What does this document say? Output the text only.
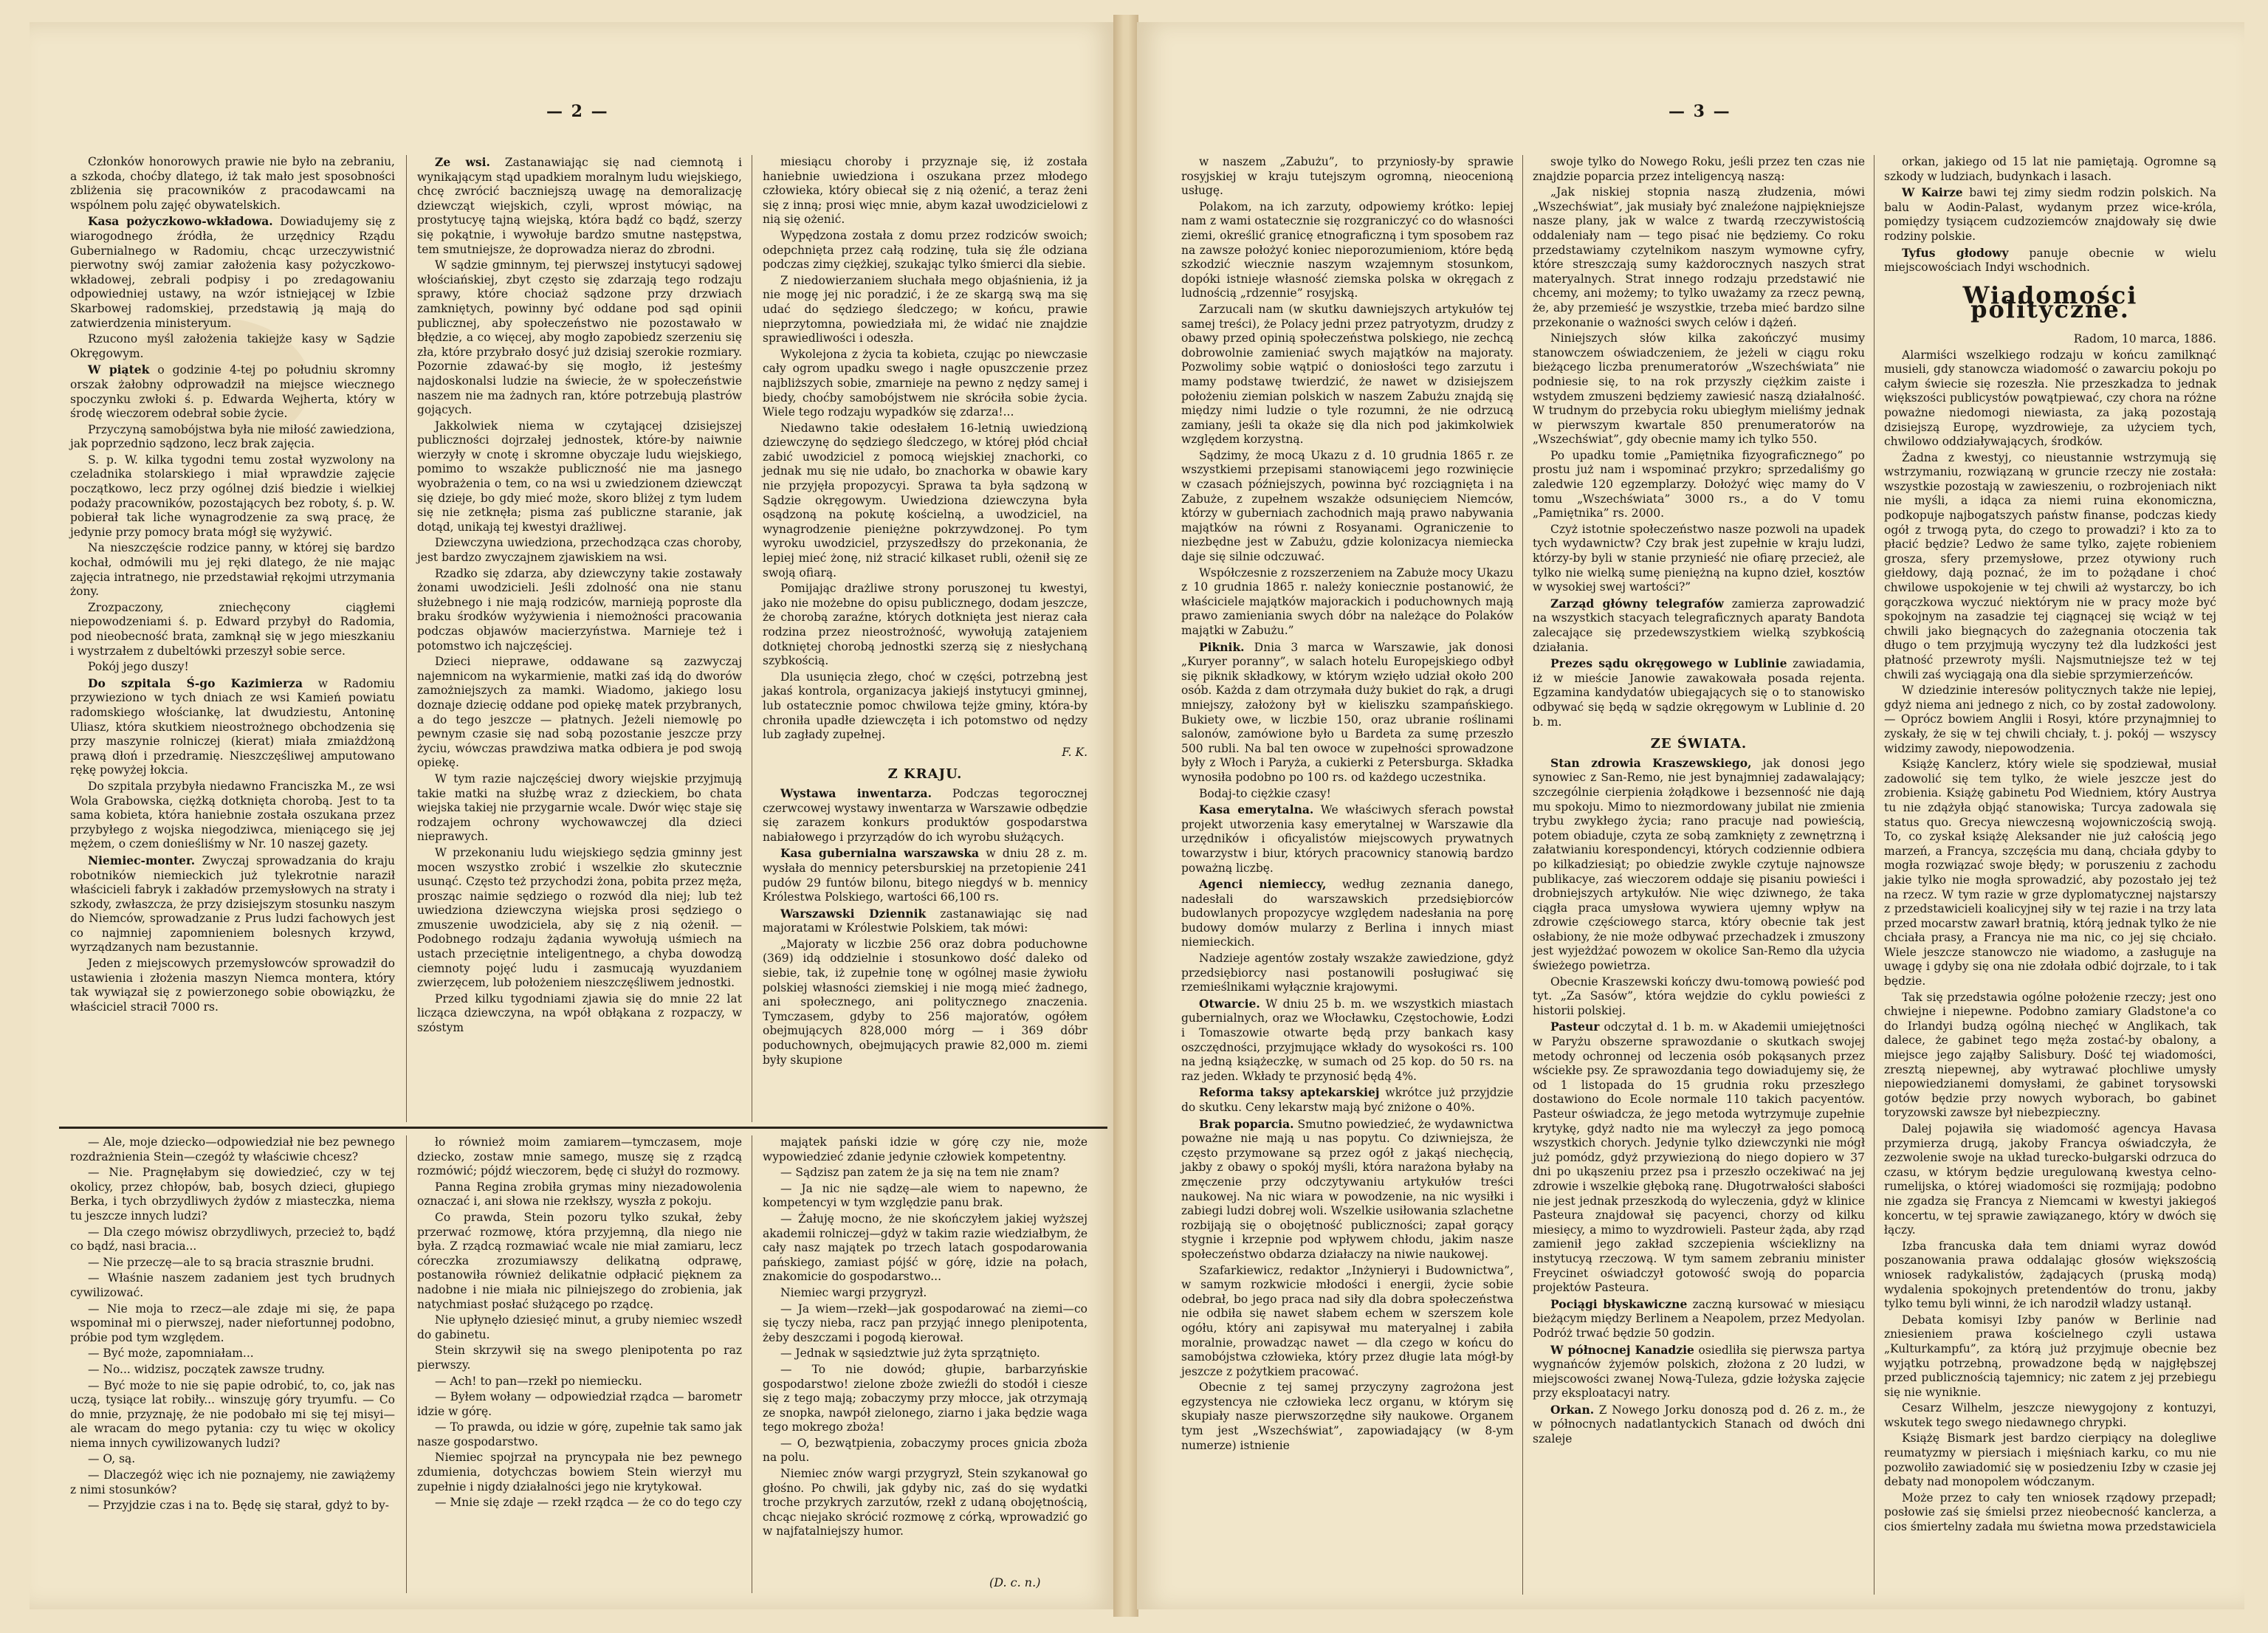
— 2 —

Członków honorowych prawie nie było na zebraniu, a szkoda, choćby dlatego, iż tak mało jest sposobności zbliżenia się pracowników z pracodawcami na wspólnem polu zajęć obywatelskich.

Kasa pożyczkowo-wkładowa. Dowiadujemy się z wiarogodnego źródła, że urzędnicy Rządu Gubernialnego w Radomiu, chcąc urzeczywistnić pierwotny swój zamiar założenia kasy pożyczkowo-wkładowej, zebrali podpisy i po zredagowaniu odpowiedniej ustawy, na wzór istniejącej w Izbie Skarbowej radomskiej, przedstawią ją mają do zatwierdzenia ministeryum.

Rzucono myśl założenia takiejże kasy w Sądzie Okręgowym.

W piątek o godzinie 4-tej po południu skromny orszak żałobny odprowadził na miejsce wiecznego spoczynku zwłoki ś. p. Edwarda Wejherta, który w środę wieczorem odebrał sobie życie.

Przyczyną samobójstwa była nie miłość zawiedziona, jak poprzednio sądzono, lecz brak zajęcia.

S. p. W. kilka tygodni temu został wyzwolony na czeladnika stolarskiego i miał wprawdzie zajęcie początkowo, lecz przy ogólnej dziś biedzie i wielkiej podaży pracowników, pozostających bez roboty, ś. p. W. pobierał tak liche wynagrodzenie za swą pracę, że jedynie przy pomocy brata mógł się wyżywić.

Na nieszczęście rodzice panny, w której się bardzo kochał, odmówili mu jej ręki dlatego, że nie mając zajęcia intratnego, nie przedstawiał rękojmi utrzymania żony.

Zrozpaczony, zniechęcony ciągłemi niepowodzeniami ś. p. Edward przybył do Radomia, pod nieobecność brata, zamknął się w jego mieszkaniu i wystrzałem z dubeltówki przeszył sobie serce.

Pokój jego duszy!

Do szpitala Ś-go Kazimierza w Radomiu przywieziono w tych dniach ze wsi Kamień powiatu radomskiego włościankę, lat dwudziestu, Antoninę Uliasz, która skutkiem nieostrożnego obchodzenia się przy maszynie rolniczej (kierat) miała zmiażdżoną prawą dłoń i przedramię. Nieszczęśliwej amputowano rękę powyżej łokcia.

Do szpitala przybyła niedawno Franciszka M., ze wsi Wola Grabowska, ciężką dotknięta chorobą. Jest to ta sama kobieta, która haniebnie została oszukana przez przybyłego z wojska niegodziwca, mieniącego się jej mężem, o czem donieśliśmy w Nr. 10 naszej gazety.

Niemiec-monter. Zwyczaj sprowadzania do kraju robotników niemieckich już tylekrotnie naraził właścicieli fabryk i zakładów przemysłowych na straty i szkody, zwłaszcza, że przy dzisiejszym stosunku naszym do Niemców, sprowadzanie z Prus ludzi fachowych jest co najmniej zapomnieniem bolesnych krzywd, wyrządzanych nam bezustannie.

Jeden z miejscowych przemysłowców sprowadził do ustawienia i złożenia maszyn Niemca montera, który tak wywiązał się z powierzonego sobie obowiązku, że właściciel stracił 7000 rs.

Ze wsi. Zastanawiając się nad ciemnotą i wynikającym stąd upadkiem moralnym ludu wiejskiego, chcę zwrócić baczniejszą uwagę na demoralizację dziewcząt wiejskich, czyli, wprost mówiąc, na prostytucyę tajną wiejską, która bądź co bądź, szerzy się pokątnie, i wywołuje bardzo smutne następstwa, tem smutniejsze, że doprowadza nieraz do zbrodni.

W sądzie gminnym, tej pierwszej instytucyi sądowej włościańskiej, zbyt często się zdarzają tego rodzaju sprawy, które chociaż sądzone przy drzwiach zamkniętych, powinny być oddane pod sąd opinii publicznej, aby społeczeństwo nie pozostawało w błędzie, a co więcej, aby mogło zapobiedz szerzeniu się zła, które przybrało dosyć już dzisiaj szerokie rozmiary. Pozornie zdawać-by się mogło, iż jesteśmy najdoskonalsi ludzie na świecie, że w społeczeństwie naszem nie ma żadnych ran, które potrzebują plastrów gojących.

Jakkolwiek niema w czytającej dzisiejszej publiczności dojrzałej jednostek, które-by naiwnie wierzyły w cnotę i skromne obyczaje ludu wiejskiego, pomimo to wszakże publiczność nie ma jasnego wyobrażenia o tem, co na wsi u zwiedzionem dziewcząt się dzieje, bo gdy mieć może, skoro bliżej z tym ludem się nie zetknęła; pisma zaś publiczne staranie, jak dotąd, unikają tej kwestyi drażliwej.

Dziewczyna uwiedziona, przechodząca czas choroby, jest bardzo zwyczajnem zjawiskiem na wsi.

Rzadko się zdarza, aby dziewczyny takie zostawały żonami uwodzicieli. Jeśli zdolność ona nie stanu służebnego i nie mają rodziców, marnieją poproste dla braku środków wyżywienia i niemożności pracowania podczas objawów macierzyństwa. Marnieje też i potomstwo ich najczęściej.

Dzieci nieprawe, oddawane są zazwyczaj najemnicom na wykarmienie, matki zaś idą do dworów zamożniejszych za mamki. Wiadomo, jakiego losu doznaje dziecię oddane pod opiekę matek przybranych, a do tego jeszcze — płatnych. Jeżeli niemowlę po pewnym czasie się nad sobą pozostanie jeszcze przy życiu, wówczas prawdziwa matka odbiera je pod swoją opiekę.

W tym razie najczęściej dwory wiejskie przyjmują takie matki na służbę wraz z dzieckiem, bo chata wiejska takiej nie przygarnie wcale. Dwór więc staje się rodzajem ochrony wychowawczej dla dzieci nieprawych.

W przekonaniu ludu wiejskiego sędzia gminny jest mocen wszystko zrobić i wszelkie zło skutecznie usunąć. Często też przychodzi żona, pobita przez męża, prosząc naimie sędziego o rozwód dla niej; lub też uwiedziona dziewczyna wiejska prosi sędziego o zmuszenie uwodziciela, aby się z nią ożenił. — Podobnego rodzaju żądania wywołują uśmiech na ustach przeciętnie inteligentnego, a chyba dowodzą ciemnoty pojęć ludu i zasmucają wyuzdaniem zwierzęcem, lub położeniem nieszczęśliwem jednostki.

Przed kilku tygodniami zjawia się do mnie 22 lat licząca dziewczyna, na wpół obłąkana z rozpaczy, w szóstym

miesiącu choroby i przyznaje się, iż została haniebnie uwiedziona i oszukana przez młodego człowieka, który obiecał się z nią ożenić, a teraz żeni się z inną; prosi więc mnie, abym kazał uwodzicielowi z nią się ożenić.

Wypędzona została z domu przez rodziców swoich; odepchnięta przez całą rodzinę, tuła się źle odziana podczas zimy ciężkiej, szukając tylko śmierci dla siebie.

Z niedowierzaniem słuchała mego objaśnienia, iż ja nie mogę jej nic poradzić, i że ze skargą swą ma się udać do sędziego śledczego; w końcu, prawie nieprzytomna, powiedziała mi, że widać nie znajdzie sprawiedliwości i odeszła.

Wykolejona z życia ta kobieta, czując po niewczasie cały ogrom upadku swego i nagłe opuszczenie przez najbliższych sobie, zmarnieje na pewno z nędzy samej i biedy, choćby samobójstwem nie skróciła sobie życia. Wiele tego rodzaju wypadków się zdarza!...

Niedawno takie odesłałem 16-letnią uwiedzioną dziewczynę do sędziego śledczego, w której płód chciał zabić uwodziciel z pomocą wiejskiej znachorki, co jednak mu się nie udało, bo znachorka w obawie kary nie przyjęła propozycyi. Sprawa ta była sądzoną w Sądzie okręgowym. Uwiedziona dziewczyna była osądzoną na pokutę kościelną, a uwodziciel, na wynagrodzenie pieniężne pokrzywdzonej. Po tym wyroku uwodziciel, przyszedłszy do przekonania, że lepiej mieć żonę, niż stracić kilkaset rubli, ożenił się ze swoją ofiarą.

Pomijając drażliwe strony poruszonej tu kwestyi, jako nie możebne do opisu publicznego, dodam jeszcze, że chorobą zaraźne, których dotknięta jest nieraz cała rodzina przez nieostrożność, wywołują zatajeniem dotkniętej chorobą jednostki szerzą się z niesłychaną szybkością.

Dla usunięcia złego, choć w części, potrzebną jest jakaś kontrola, organizacya jakiejś instytucyi gminnej, lub ostatecznie pomoc chwilowa tejże gminy, która-by chroniła upadłe dziewczęta i ich potomstwo od nędzy lub zagłady zupełnej.

F. K.
Z KRAJU.

Wystawa inwentarza. Podczas tegorocznej czerwcowej wystawy inwentarza w Warszawie odbędzie się zarazem konkurs produktów gospodarstwa nabiałowego i przyrządów do ich wyrobu służących.

Kasa gubernialna warszawska w dniu 28 z. m. wysłała do mennicy petersburskiej na przetopienie 241 pudów 29 funtów bilonu, bitego niegdyś w b. mennicy Królestwa Polskiego, wartości 66,100 rs.

Warszawski Dziennik zastanawiając się nad majoratami w Królestwie Polskiem, tak mówi:

„Majoraty w liczbie 256 oraz dobra poduchowne (369) idą oddzielnie i stosunkowo dość daleko od siebie, tak, iż zupełnie tonę w ogólnej masie żywiołu polskiej własności ziemskiej i nie mogą mieć żadnego, ani społecznego, ani politycznego znaczenia. Tymczasem, gdyby to 256 majoratów, ogółem obejmujących 828,000 mórg — i 369 dóbr poduchownych, obejmujących prawie 82,000 m. ziemi były skupione

— Ale, moje dziecko—odpowiedział nie bez pewnego rozdrażnienia Stein—czegóż ty właściwie chcesz?

— Nie. Pragnęłabym się dowiedzieć, czy w tej okolicy, przez chłopów, bab, bosych dzieci, głupiego Berka, i tych obrzydliwych żydów z miasteczka, niema tu jeszcze innych ludzi?

— Dla czego mówisz obrzydliwych, przecież to, bądź co bądź, nasi bracia...

— Nie przeczę—ale to są bracia strasznie brudni.

— Właśnie naszem zadaniem jest tych brudnych cywilizować.

— Nie moja to rzecz—ale zdaje mi się, że papa wspominał mi o pierwszej, nader niefortunnej podobno, próbie pod tym względem.

— Być może, zapomniałam...

— No... widzisz, początek zawsze trudny.

— Być może to nie się papie odrobić, to, co, jak nas uczą, tysiące lat robiły... winszuję góry tryumfu. — Co do mnie, przyznaję, że nie podobało mi się tej misyi—ale wracam do mego pytania: czy tu więc w okolicy niema innych cywilizowanych ludzi?

— O, są.

— Dlaczegóż więc ich nie poznajemy, nie zawiążemy z nimi stosunków?

— Przyjdzie czas i na to. Będę się starał, gdyż to by-

ło również moim zamiarem—tymczasem, moje dziecko, zostaw mnie samego, muszę się z rządcą rozmówić; pójdź wieczorem, będę ci służył do rozmowy.

Panna Regina zrobiła grymas miny niezadowolenia oznaczać i, ani słowa nie rzekłszy, wyszła z pokoju.

Co prawda, Stein pozoru tylko szukał, żeby przerwać rozmowę, która przyjemną, dla niego nie była. Z rządcą rozmawiać wcale nie miał zamiaru, lecz córeczka zrozumiawszy delikatną odprawę, postanowiła również delikatnie odpłacić pięknem za nadobne i nie miała nic pilniejszego do zrobienia, jak natychmiast posłać służącego po rządcę.

Nie upłynęło dziesięć minut, a gruby niemiec wszedł do gabinetu.

Stein skrzywił się na swego plenipotenta po raz pierwszy.

— Ach! to pan—rzekł po niemiecku.

— Byłem wołany — odpowiedział rządca — barometr idzie w górę.

— To prawda, ou idzie w górę, zupełnie tak samo jak nasze gospodarstwo.

Niemiec spojrzał na pryncypała nie bez pewnego zdumienia, dotychczas bowiem Stein wierzył mu zupełnie i nigdy działalności jego nie krytykował.

— Mnie się zdaje — rzekł rządca — że co do tego czy

majątek pański idzie w górę czy nie, może wypowiedzieć zdanie jedynie człowiek kompetentny.

— Sądzisz pan zatem że ja się na tem nie znam?

— Ja nic nie sądzę—ale wiem to napewno, że kompetencyi w tym względzie panu brak.

— Żałuję mocno, że nie skończyłem jakiej wyższej akademii rolniczej—gdyż w takim razie wiedziałbym, że cały nasz majątek po trzech latach gospodarowania pańskiego, zamiast pójść w górę, idzie na połach, znakomicie do gospodarstwo...

Niemiec wargi przygryzł.

— Ja wiem—rzekł—jak gospodarować na ziemi—co się tyczy nieba, racz pan przyjąć innego plenipotenta, żeby deszczami i pogodą kierował.

— Jednak w sąsiedztwie już żyta sprzątnięto.

— To nie dowód; głupie, barbarzyńskie gospodarstwo! zielone zboże zwieźli do stodół i ciesze się z tego mają; zobaczymy przy młocce, jak otrzymają ze snopka, nawpół zielonego, ziarno i jaka będzie waga tego mokrego zboża!

— O, bezwątpienia, zobaczymy proces gnicia zboża na polu.

Niemiec znów wargi przygryzł, Stein szykanował go głośno. Po chwili, jak gdyby nic, zaś do się wydatki troche przykrych zarzutów, rzekł z udaną obojętnością, chcąc niejako skrócić rozmowę z córką, wprowadzić go w najfatalniejszy humor.

(D. c. n.)
— 3 —

w naszem „Zabużu”, to przyniosły-by sprawie rosyjskiej w kraju tutejszym ogromną, nieocenioną usługę.

Polakom, na ich zarzuty, odpowiemy krótko: lepiej nam z wami ostatecznie się rozgraniczyć co do własności ziemi, określić granicę etnograficzną i tym sposobem raz na zawsze położyć koniec nieporozumieniom, które będą szkodzić wiecznie naszym wzajemnym stosunkom, dopóki istnieje własność ziemska polska w okręgach z ludnością „rdzennie” rosyjską.

Zarzucali nam (w skutku dawniejszych artykułów tej samej treści), że Polacy jedni przez patryotyzm, drudzy z obawy przed opinią społeczeństwa polskiego, nie zechcą dobrowolnie zamieniać swych majątków na majoraty. Pozwolimy sobie wątpić o doniosłości tego zarzutu i mamy podstawę twierdzić, że nawet w dzisiejszem położeniu ziemian polskich w naszem Zabużu znajdą się między nimi ludzie o tyle rozumni, że nie odrzucą zamiany, jeśli ta okaże się dla nich pod jakimkolwiek względem korzystną.

Sądzimy, że mocą Ukazu z d. 10 grudnia 1865 r. ze wszystkiemi przepisami stanowiącemi jego rozwinięcie w czasach późniejszych, powinna być rozciągnięta i na Zabuże, z zupełnem wszakże odsunięciem Niemców, którzy w guberniach zachodnich mają prawo nabywania majątków na równi z Rosyanami. Ograniczenie to niezbędne jest w Zabużu, gdzie kolonizacya niemiecka daje się silnie odczuwać.

Współczesnie z rozszerzeniem na Zabuże mocy Ukazu z 10 grudnia 1865 r. należy koniecznie postanowić, że właściciele majątków majorackich i poduchownych mają prawo zamieniania swych dóbr na należące do Polaków majątki w Zabużu.”

Piknik. Dnia 3 marca w Warszawie, jak donosi „Kuryer poranny”, w salach hotelu Europejskiego odbył się piknik składkowy, w którym wzięło udział około 200 osób. Każda z dam otrzymała duży bukiet do rąk, a drugi mniejszy, założony był w kieliszku szampańskiego. Bukiety owe, w liczbie 150, oraz ubranie roślinami salonów, zamówione było u Bardeta za sumę przeszło 500 rubli. Na bal ten owoce w zupełności sprowadzone były z Włoch i Paryża, a cukierki z Petersburga. Składka wynosiła podobno po 100 rs. od każdego uczestnika.

Bodaj-to ciężkie czasy!

Kasa emerytalna. We właściwych sferach powstał projekt utworzenia kasy emerytalnej w Warszawie dla urzędników i oficyalistów miejscowych prywatnych towarzystw i biur, których pracownicy stanowią bardzo poważną liczbę.

Agenci niemieccy, według zeznania danego, nadesłali do warszawskich przedsiębiorców budowlanych propozycye względem nadesłania na porę budowy domów mularzy z Berlina i innych miast niemieckich.

Nadzieje agentów zostały wszakże zawiedzione, gdyż przedsiębiorcy nasi postanowili posługiwać się rzemieślnikami wyłącznie krajowymi.

Otwarcie. W dniu 25 b. m. we wszystkich miastach gubernialnych, oraz we Włocławku, Częstochowie, Łodzi i Tomaszowie otwarte będą przy bankach kasy oszczędności, przyjmujące wkłady do wysokości rs. 100 na jedną książeczkę, w sumach od 25 kop. do 50 rs. na raz jeden. Wkłady te przynosić będą 4%.

Reforma taksy aptekarskiej wkrótce już przyjdzie do skutku. Ceny lekarstw mają być zniżone o 40%.

Brak poparcia. Smutno powiedzieć, że wydawnictwa poważne nie mają u nas popytu. Co dziwniejsza, że często przymowane są przez ogół z jakąś niechęcią, jakby z obawy o spokój myśli, która narażona byłaby na zmęczenie przy odczytywaniu artykułów treści naukowej. Na nic wiara w powodzenie, na nic wysiłki i zabiegi ludzi dobrej woli. Wszelkie usiłowania szlachetne rozbijają się o obojętność publiczności; zapał gorący stygnie i krzepnie pod wpływem chłodu, jakim nasze społeczeństwo obdarza działaczy na niwie naukowej.

Szafarkiewicz, redaktor „Inżynieryi i Budownictwa”, w samym rozkwicie młodości i energii, życie sobie odebrał, bo jego praca nad siły dla dobra społeczeństwa nie odbiła się nawet słabem echem w szerszem kole ogółu, który ani zapisywał mu materyalnej i zabiła moralnie, prowadząc nawet — dla czego w końcu do samobójstwa człowieka, który przez długie lata mógł-by jeszcze z pożytkiem pracować.

Obecnie z tej samej przyczyny zagrożona jest egzystencya nie człowieka lecz organu, w którym się skupiały nasze pierwszorzędne siły naukowe. Organem tym jest „Wszechświat”, zapowiadający (w 8-ym numerze) istnienie

swoje tylko do Nowego Roku, jeśli przez ten czas nie znajdzie poparcia przez inteligencyą naszą:

„Jak niskiej stopnia naszą złudzenia, mówi „Wszechświat”, jak musiały być znaleźone najpiękniejsze nasze plany, jak w walce z twardą rzeczywistością oddaleniały nam — tego pisać nie będziemy. Co roku przedstawiamy czytelnikom naszym wymowne cyfry, które streszczają sumy każdorocznych naszych strat materyalnych. Strat innego rodzaju przedstawić nie chcemy, ani możemy; to tylko uważamy za rzecz pewną, że, aby przemieść je wszystkie, trzeba mieć bardzo silne przekonanie o ważności swych celów i dążeń.

Niniejszych słów kilka zakończyć musimy stanowczem oświadczeniem, że jeżeli w ciągu roku bieżącego liczba prenumeratorów „Wszechświata” nie podniesie się, to na rok przyszły ciężkim zaiste i wstydem zmuszeni będziemy zawiesić naszą działalność. W trudnym do przebycia roku ubiegłym mieliśmy jednak w pierwszym kwartale 850 prenumeratorów na „Wszechświat”, gdy obecnie mamy ich tylko 550.

Po upadku tomie „Pamiętnika fizyograficznego” po prostu już nam i wspominać przykro; sprzedaliśmy go zaledwie 120 egzemplarzy. Dołożyć więc mamy do V tomu „Wszechświata” 3000 rs., a do V tomu „Pamiętnika” rs. 2000.

Czyż istotnie społeczeństwo nasze pozwoli na upadek tych wydawnictw? Czy brak jest zupełnie w kraju ludzi, którzy-by byli w stanie przynieść nie ofiarę przecież, ale tylko nie wielką sumę pieniężną na kupno dzieł, kosztów w wysokiej swej wartości?”

Zarząd główny telegrafów zamierza zaprowadzić na wszystkich stacyach telegraficznych aparaty Bandota zalecające się przedewszystkiem wielką szybkością działania.

Prezes sądu okręgowego w Lublinie zawiadamia, iż w mieście Janowie zawakowała posada rejenta. Egzamina kandydatów ubiegających się o to stanowisko odbywać się będą w sądzie okręgowym w Lublinie d. 20 b. m.

ZE ŚWIATA.

Stan zdrowia Kraszewskiego, jak donosi jego synowiec z San-Remo, nie jest bynajmniej zadawalający; szczególnie cierpienia żołądkowe i bezsenność nie dają mu spokoju. Mimo to niezmordowany jubilat nie zmienia trybu zwykłego życia; rano pracuje nad powieścią, potem obiaduje, czyta ze sobą zamknięty z zewnętrzną i załatwianiu korespondencyi, których codziennie odbiera po kilkadziesiąt; po obiedzie zwykle czytuje najnowsze publikacye, zaś wieczorem oddaje się pisaniu powieści i drobniejszych artykułów. Nie więc dziwnego, że taka ciągła praca umysłowa wywiera ujemny wpływ na zdrowie częściowego starca, który obecnie tak jest osłabiony, że nie może odbywać przechadzek i zmuszony jest wyjeżdżać powozem w okolice San-Remo dla użycia świeżego powietrza.

Obecnie Kraszewski kończy dwu-tomową powieść pod tyt. „Za Sasów”, która wejdzie do cyklu powieści z historii polskiej.

Pasteur odczytał d. 1 b. m. w Akademii umiejętności w Paryżu obszerne sprawozdanie o skutkach swojej metody ochronnej od leczenia osób pokąsanych przez wściekłe psy. Ze sprawozdania tego dowiadujemy się, że od 1 listopada do 15 grudnia roku przeszłego dostawiono do Ecole normale 110 takich pacyentów. Pasteur oświadcza, że jego metoda wytrzymuje zupełnie krytykę, gdyż nadto nie ma wyleczył za jego pomocą wszystkich chorych. Jedynie tylko dziewczynki nie mógł już pomódz, gdyż przywiezioną do niego dopiero w 37 dni po ukąszeniu przez psa i przeszło oczekiwać na jej zdrowie i wszelkie głęboką ranę. Długotrwałości słabości nie jest jednak przeszkodą do wyleczenia, gdyż w klinice Pasteura znajdował się pacyenci, chorzy od kilku miesięcy, a mimo to wyzdrowieli. Pasteur żąda, aby rząd zamienił jego zakład szczepienia wścieklizny na instytucyą rzeczową. W tym samem zebraniu minister Freycinet oświadczył gotowość swoją do poparcia projektów Pasteura.

Pociągi błyskawiczne zaczną kursować w miesiącu bieżącym między Berlinem a Neapolem, przez Medyolan. Podróż trwać będzie 50 godzin.

W północnej Kanadzie osiedliła się pierwsza partya wygnańców żyjemów polskich, złożona z 20 ludzi, w miejscowości zwanej Nową-Tuleza, gdzie łożyska zajęcie przy eksploatacyi natry.

Orkan. Z Nowego Jorku donoszą pod d. 26 z. m., że w północnych nadatlantyckich Stanach od dwóch dni szaleje

orkan, jakiego od 15 lat nie pamiętają. Ogromne są szkody w ludziach, budynkach i lasach.

W Kairze bawi tej zimy siedm rodzin polskich. Na balu w Aodin-Palast, wydanym przez wice-króla, pomiędzy tysiącem cudzoziemców znajdowały się dwie rodziny polskie.

Tyfus głodowy panuje obecnie w wielu miejscowościach Indyi wschodnich.

Wiadomości polityczne.

Radom, 10 marca, 1886.

Alarmiści wszelkiego rodzaju w końcu zamilknąć musieli, gdy stanowcza wiadomość o zawarciu pokoju po całym świecie się rozeszła. Nie przeszkadza to jednak większości publicystów powątpiewać, czy chora na różne poważne niedomogi niewiasta, za jaką pozostają dzisiejszą Europę, wyzdrowieje, za użyciem tych, chwilowo oddziaływających, środków.

Żadna z kwestyj, co nieustannie wstrzymują się wstrzymaniu, rozwiązaną w gruncie rzeczy nie została: wszystkie pozostają w zawieszeniu, o rozbrojeniach nikt nie myśli, a idąca za niemi ruina ekonomiczna, podkopuje najbogatszych państw finanse, podczas kiedy ogół z trwogą pyta, do czego to prowadzi? i kto za to płacić będzie? Ledwo że same tylko, zajęte robieniem grosza, sfery przemysłowe, przez otywiony ruch giełdowy, dają poznać, że im to pożądane i choć chwilowe uspokojenie w tej chwili aż wystarczy, bo ich gorączkowa wyczuć niektórym nie w pracy może być spokojnym na zasadzie tej ciągnącej się wciąż w tej chwili jako biegnących do zażegnania otoczenia tak długo o tem przyjmują wyczyny też dla ludzkości jest płatność przewroty myśli. Najsmutniejsze też w tej chwili zaś wyciągają ona dla siebie sprzymierzeńców.

W dziedzinie interesów politycznych także nie lepiej, gdyż niema ani jednego z nich, co by został zadowolony.— Oprócz bowiem Anglii i Rosyi, które przynajmniej to zyskały, że się w tej chwili chciały, t. j. pokój — wszyscy widzimy zawody, niepowodzenia.

Książę Kanclerz, który wiele się spodziewał, musiał zadowolić się tem tylko, że wiele jeszcze jest do zrobienia. Książę gabinetu Pod Wiedniem, który Austrya tu nie zdążyła objąć stanowiska; Turcya zadowala się status quo. Grecya niewczesną wojowniczością swoją. To, co zyskał książę Aleksander nie już całością jego marzeń, a Francya, szczęścia mu daną, chciała gdyby to mogła rozwiązać swoje błędy; w poruszeniu z zachodu jakie tylko nie mogła sprowadzić, aby pozostało jej też na rzecz. W tym razie w grze dyplomatycznej najstarszy z przedstawicieli koalicyjnej siły w tej razie i na trzy lata przed mocarstw zawarł bratnią, którą jednak tylko że nie chciała prasy, a Francya nie ma nic, co jej się chciało. Wiele jeszcze stanowczo nie wiadomo, a zasługuje na uwagę i gdyby się ona nie zdołała odbić dojrzale, to i tak będzie.

Tak się przedstawia ogólne położenie rzeczy; jest ono chwiejne i niepewne. Podobno zamiary Gladstone'a co do Irlandyi budzą ogólną niechęć w Anglikach, tak dalece, że gabinet tego męża zostać-by obalony, a miejsce jego zająłby Salisbury. Dość tej wiadomości, zresztą niepewnej, aby wytrawać płochliwe umysły niepowiedzianemi domysłami, że gabinet torysowski gotów będzie przy nowych wyborach, bo gabinet toryzowski zawsze był niebezpieczny.

Dalej pojawiła się wiadomość agencya Havasa przymierza drugą, jakoby Francya oświadczyła, że zezwolenie swoje na układ turecko-bułgarski odrzuca do czasu, w którym będzie uregulowaną kwestya celno-rumelijska, o której wiadomości się rozmijają; podobno nie zgadza się Francya z Niemcami w kwestyi jakiegoś koncertu, w tej sprawie zawiązanego, który w dwóch się łączy.

Izba francuska dała tem dniami wyraz dowód poszanowania prawa oddalając głosów większością wniosek radykalistów, żądających (pruską modą) wydalenia spokojnych pretendentów do tronu, jakby tylko temu byli winni, że ich narodził wladzy ustanął.

Debata komisyi Izby panów w Berlinie nad zniesieniem prawa kościelnego czyli ustawa „Kulturkampfu”, za którą już przyjmuje obecnie bez wyjątku potrzebną, prowadzone będą w najgłębszej przed publicznością tajemnicy; nic zatem z jej przebiegu się nie wyniknie.

Cesarz Wilhelm, jeszcze niewygojony z kontuzyi, wskutek tego swego niedawnego chrypki.

Książę Bismark jest bardzo cierpiący na dolegliwe reumatyzmy w piersiach i mięśniach karku, co mu nie pozwoliło zawiadomić się w posiedzeniu Izby w czasie jej debaty nad monopolem wódczanym.

Może przez to cały ten wniosek rządowy przepadł; posłowie zaś się śmielsi przez nieobecność kanclerza, a cios śmiertelny zadała mu świetna mowa przedstawiciela
